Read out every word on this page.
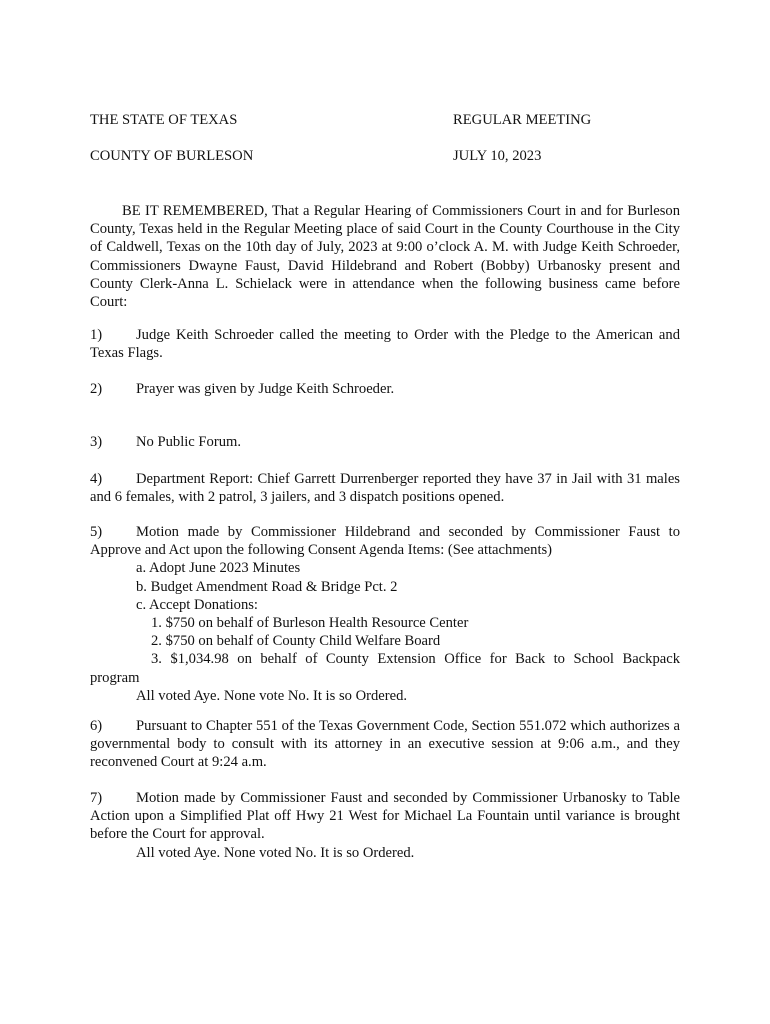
THE STATE OF TEXAS	REGULAR MEETING
COUNTY OF BURLESON	JULY 10, 2023
BE IT REMEMBERED, That a Regular Hearing of Commissioners Court in and for Burleson County, Texas held in the Regular Meeting place of said Court in the County Courthouse in the City of Caldwell, Texas on the 10th day of July, 2023 at 9:00 o’clock A. M. with Judge Keith Schroeder, Commissioners Dwayne Faust, David Hildebrand and Robert (Bobby) Urbanosky present and County Clerk-Anna L. Schielack were in attendance when the following business came before Court:
1) Judge Keith Schroeder called the meeting to Order with the Pledge to the American and Texas Flags.
2) Prayer was given by Judge Keith Schroeder.
3) No Public Forum.
4) Department Report: Chief Garrett Durrenberger reported they have 37 in Jail with 31 males and 6 females, with 2 patrol, 3 jailers, and 3 dispatch positions opened.
5) Motion made by Commissioner Hildebrand and seconded by Commissioner Faust to Approve and Act upon the following Consent Agenda Items: (See attachments)
a. Adopt June 2023 Minutes
b. Budget Amendment Road & Bridge Pct. 2
c. Accept Donations:
1. $750 on behalf of Burleson Health Resource Center
2. $750 on behalf of County Child Welfare Board
3. $1,034.98 on behalf of County Extension Office for Back to School Backpack
program
All voted Aye. None vote No. It is so Ordered.
6) Pursuant to Chapter 551 of the Texas Government Code, Section 551.072 which authorizes a governmental body to consult with its attorney in an executive session at 9:06 a.m., and they reconvened Court at 9:24 a.m.
7) Motion made by Commissioner Faust and seconded by Commissioner Urbanosky to Table Action upon a Simplified Plat off Hwy 21 West for Michael La Fountain until variance is brought before the Court for approval.
All voted Aye. None voted No. It is so Ordered.
